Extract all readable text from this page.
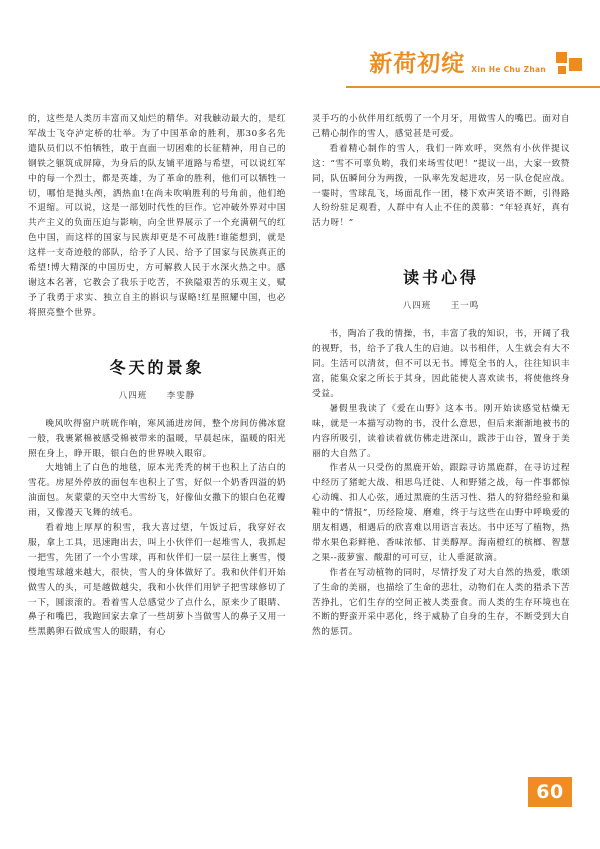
新荷初绽 Xin He Chu Zhan

的，这些是人类历丰富而又灿烂的精华。对我触动最大的，是红军战士飞夺泸定桥的壮举。为了中国革命的胜利，那30多名先遣队员们以不怕牺牲，敢于直面一切困难的长征精神，用自己的钢铁之躯筑成屏障，为身后的队友铺平道路与希望，可以说红军中的每一个烈士，都是英雄，为了革命的胜利，他们可以牺牲一切，哪怕是抛头颅，洒热血!在尚未吹响胜利的号角前，他们绝不退缩。可以说，这是一部划时代性的巨作。它冲破外界对中国共产主义的负面压迫与影响，向全世界展示了一个充满朝气的红色中国，而这样的国家与民族却更是不可战胜!谁能想到，就是这样一支奇迹般的部队，给予了人民、给予了国家与民族真正的希望!博大精深的中国历史，方可解救人民于水深火热之中。感谢这本名著，它教会了我乐于吃苦，不狭隘艰苦的乐观主义，赋予了我勇于求实、独立自主的斟识与谋略!红星照耀中国，也必将照亮整个世界。

冬天的景象

八四班 李雯静

晚风吹得窗户咣咣作响，寒风涌进房间，整个房间仿佛冰窟一般，我裹紧棉被感受棉被带来的温暖，早晨起床，温暖的阳光照在身上，睁开眼，银白色的世界映入眼帘。

大地铺上了白色的地毯，原本光秃秃的树干也积上了洁白的雪花。房屋外停放的面包车也积上了雪，好似一个奶香四溢的奶油面包。灰蒙蒙的天空中大雪纷飞，好像仙女撒下的银白色花瓣雨，又像漫天飞舞的绒毛。

看着地上厚厚的积雪，我大喜过望，午饭过后，我穿好衣服，拿上工具，迅速跑出去，叫上小伙伴们一起堆雪人，我抓起一把雪，先团了一个小雪球，再和伙伴们一层一层往上裹雪，慢慢地雪球越来越大，很快，雪人的身体做好了。我和伙伴们开始做雪人的头，可是越做越尖，我和小伙伴们用铲子把雪球修切了一下，圆滚滚的。看着雪人总感觉少了点什么，原来少了眼睛、鼻子和嘴巴，我跑回家去拿了一些胡萝卜当做雪人的鼻子又用一些黑鹅卵石做成雪人的眼睛，有心

灵手巧的小伙伴用红纸剪了一个月牙，用做雪人的嘴巴。面对自己精心制作的雪人，感觉甚是可爱。

看着精心制作的雪人，我们一阵欢呼，突然有小伙伴提议这：“雪不可辜负哟，我们来场雪仗吧！”提议一出，大家一致赞同，队伍瞬间分为两拨，一队率先发起进攻，另一队仓促应战。一霎时，雪球乱飞，场面乱作一团，楼下欢声笑语不断，引得路人纷纷驻足观看，人群中有人止不住的羡慕：“年轻真好，真有活力呀！”

读书心得

八四班 王一鸣

书，陶冶了我的情操，书，丰富了我的知识，书，开阔了我的视野，书，给予了我人生的启迪。以书相伴，人生就会有大不同。生活可以清贫，但不可以无书。博览全书的人，往往知识丰富，能集众家之所长于其身，因此能使人喜欢读书，将使他终身受益。

暑假里我读了《爱在山野》这本书。刚开始读感觉枯燥无味，就是一本描写动物的书，没什么意思，但后来渐渐地被书的内容所吸引，读着读着就仿佛走进深山，跋涉于山谷，置身于美丽的大自然了。

作者从一只受伤的黑鹿开始，跟踪寻访黑鹿群，在寻访过程中经历了猪蛇大战、相思鸟迁徙、人和野猪之战，每一件事都惊心动魄、扣人心弦，通过黑鹿的生活习性、猎人的狩猎经验和巢鞋中的“情报”，历经险境、磨难，终于与这些在山野中呼唤爱的朋友相遇，相遇后的欣喜难以用语言表达。书中还写了植物，热带水果色彩鲜艳、香味浓郁、甘美醇厚。海南橙红的槟榔、智慧之果--菠萝蜜、酸甜的可可豆，让人垂涎欲滴。

作者在写动植物的同时，尽情抒发了对大自然的热爱，歌颂了生命的美丽，也描绘了生命的悲壮，动物们在人类的猎杀下苦苦挣扎，它们生存的空间正被人类蚕食。而人类的生存环境也在不断的野蛮开采中恶化，终于威胁了自身的生存，不断受到大自然的惩罚。

60
